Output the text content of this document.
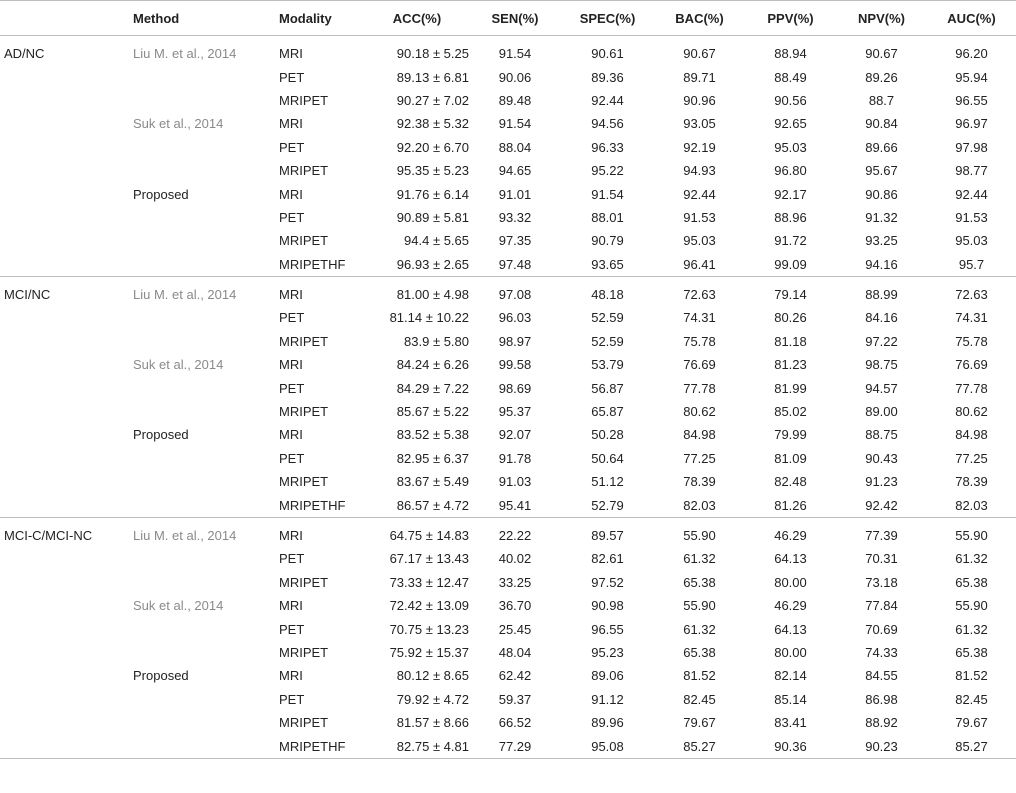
	Method	Modality	ACC(%)	SEN(%)	SPEC(%)	BAC(%)	PPV(%)	NPV(%)	AUC(%)
AD/NC	Liu M. et al., 2014	MRI	90.18 ± 5.25	91.54	90.61	90.67	88.94	90.67	96.20
		PET	89.13 ± 6.81	90.06	89.36	89.71	88.49	89.26	95.94
		MRIPET	90.27 ± 7.02	89.48	92.44	90.96	90.56	88.7	96.55
	Suk et al., 2014	MRI	92.38 ± 5.32	91.54	94.56	93.05	92.65	90.84	96.97
		PET	92.20 ± 6.70	88.04	96.33	92.19	95.03	89.66	97.98
		MRIPET	95.35 ± 5.23	94.65	95.22	94.93	96.80	95.67	98.77
	Proposed	MRI	91.76 ± 6.14	91.01	91.54	92.44	92.17	90.86	92.44
		PET	90.89 ± 5.81	93.32	88.01	91.53	88.96	91.32	91.53
		MRIPET	94.4 ± 5.65	97.35	90.79	95.03	91.72	93.25	95.03
		MRIPETHF	96.93 ± 2.65	97.48	93.65	96.41	99.09	94.16	95.7
MCI/NC	Liu M. et al., 2014	MRI	81.00 ± 4.98	97.08	48.18	72.63	79.14	88.99	72.63
		PET	81.14 ± 10.22	96.03	52.59	74.31	80.26	84.16	74.31
		MRIPET	83.9 ± 5.80	98.97	52.59	75.78	81.18	97.22	75.78
	Suk et al., 2014	MRI	84.24 ± 6.26	99.58	53.79	76.69	81.23	98.75	76.69
		PET	84.29 ± 7.22	98.69	56.87	77.78	81.99	94.57	77.78
		MRIPET	85.67 ± 5.22	95.37	65.87	80.62	85.02	89.00	80.62
	Proposed	MRI	83.52 ± 5.38	92.07	50.28	84.98	79.99	88.75	84.98
		PET	82.95 ± 6.37	91.78	50.64	77.25	81.09	90.43	77.25
		MRIPET	83.67 ± 5.49	91.03	51.12	78.39	82.48	91.23	78.39
		MRIPETHF	86.57 ± 4.72	95.41	52.79	82.03	81.26	92.42	82.03
MCI-C/MCI-NC	Liu M. et al., 2014	MRI	64.75 ± 14.83	22.22	89.57	55.90	46.29	77.39	55.90
		PET	67.17 ± 13.43	40.02	82.61	61.32	64.13	70.31	61.32
		MRIPET	73.33 ± 12.47	33.25	97.52	65.38	80.00	73.18	65.38
	Suk et al., 2014	MRI	72.42 ± 13.09	36.70	90.98	55.90	46.29	77.84	55.90
		PET	70.75 ± 13.23	25.45	96.55	61.32	64.13	70.69	61.32
		MRIPET	75.92 ± 15.37	48.04	95.23	65.38	80.00	74.33	65.38
	Proposed	MRI	80.12 ± 8.65	62.42	89.06	81.52	82.14	84.55	81.52
		PET	79.92 ± 4.72	59.37	91.12	82.45	85.14	86.98	82.45
		MRIPET	81.57 ± 8.66	66.52	89.96	79.67	83.41	88.92	79.67
		MRIPETHF	82.75 ± 4.81	77.29	95.08	85.27	90.36	90.23	85.27
